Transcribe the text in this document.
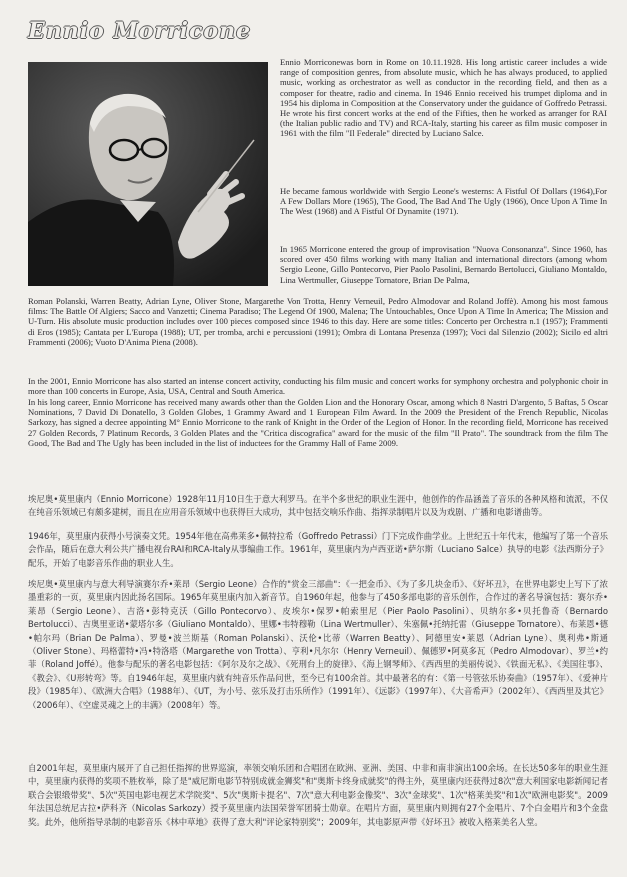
Ennio Morricone

Ennio Morriconewas born in Rome on 10.11.1928. His long artistic career includes a wide range of composition genres, from absolute music, which he has always produced, to applied music, working as orchestrator as well as conductor in the recording field, and then as a composer for theatre, radio and cinema. In 1946 Ennio received his trumpet diploma and in 1954 his diploma in Composition at the Conservatory under the guidance of Goffredo Petrassi. He wrote his first concert works at the end of the Fifties, then he worked as arranger for RAI (the Italian public radio and TV) and RCA-Italy, starting his career as film music composer in 1961 with the film "Il Federale" directed by Luciano Salce.

He became famous worldwide with Sergio Leone's westerns: A Fistful Of Dollars (1964),For A Few Dollars More (1965), The Good, The Bad And The Ugly (1966), Once Upon A Time In The West (1968) and A Fistful Of Dynamite (1971).

In 1965 Morricone entered the group of improvisation "Nuova Consonanza". Since 1960, has scored over 450 films working with many Italian and international directors (among whom Sergio Leone, Gillo Pontecorvo, Pier Paolo Pasolini, Bernardo Bertolucci, Giuliano Montaldo, Lina Wertmuller, Giuseppe Tornatore, Brian De Palma,

Roman Polanski, Warren Beatty, Adrian Lyne, Oliver Stone, Margarethe Von Trotta, Henry Verneuil, Pedro Almodovar and Roland Joffè). Among his most famous films: The Battle Of Algiers; Sacco and Vanzetti; Cinema Paradiso; The Legend Of 1900, Malena; The Untouchables, Once Upon A Time In America; The Mission and U-Turn. His absolute music production includes over 100 pieces composed since 1946 to this day. Here are some titles: Concerto per Orchestra n.1 (1957); Frammenti di Eros (1985); Cantata per L'Europa (1988); UT, per tromba, archi e percussioni (1991); Ombra di Lontana Presenza (1997); Voci dal Silenzio (2002); Sicilo ed altri Frammenti (2006); Vuoto D'Anima Piena (2008).

In the 2001, Ennio Morricone has also started an intense concert activity, conducting his film music and concert works for symphony orchestra and polyphonic choir in more than 100 concerts in Europe, Asia, USA, Central and South America.

In his long career, Ennio Morricone has received many awards other than the Golden Lion and the Honorary Oscar, among which 8 Nastri D'argento, 5 Baftas, 5 Oscar Nominations, 7 David Di Donatello, 3 Golden Globes, 1 Grammy Award and 1 European Film Award. In the 2009 the President of the French Republic, Nicolas Sarkozy, has signed a decree appointing M° Ennio Morricone to the rank of Knight in the Order of the Legion of Honor. In the recording field, Morricone has received 27 Golden Records, 7 Platinum Records, 3 Golden Plates and the "Critica discografica" award for the music of the film "Il Prato". The soundtrack from the film The Good, The Bad and The Ugly has been included in the list of inductees for the Grammy Hall of Fame 2009.

埃尼奥•莫里康内（Ennio Morricone）1928年11月10日生于意大利罗马。在半个多世纪的职业生涯中，他创作的作品涵盖了音乐的各种风格和流派，不仅在纯音乐领域已有颇多建树，而且在应用音乐领域中也获得巨大成功，其中包括交响乐作曲、指挥录制唱片以及为戏剧、广播和电影谱曲等。

1946年，莫里康内获得小号演奏文凭。1954年他在高弗莱多•佩特拉希（Goffredo Petrassi）门下完成作曲学业。上世纪五十年代末，他编写了第一个音乐会作品，随后在意大利公共广播电视台RAI和RCA-Italy从事编曲工作。1961年，莫里康内为卢西亚诺•萨尔斯（Luciano Salce）执导的电影《法西斯分子》配乐，开始了电影音乐作曲的职业人生。

埃尼奥•莫里康内与意大利导演赛尔乔•莱昂（Sergio Leone）合作的"赏金三部曲"：《一把金币》、《为了多几块金币》、《好坏丑》，在世界电影史上写下了浓墨重彩的一页，莫里康内因此扬名国际。1965年莫里康内加入新音节。自1960年起，他参与了450多部电影的音乐创作，合作过的著名导演包括：赛尔乔•莱昂（Sergio Leone）、吉洛•彭特克沃（Gillo Pontecorvo）、皮埃尔•保罗•帕索里尼（Pier Paolo Pasolini）、贝纳尔多•贝托鲁奇（Bernardo Bertolucci）、吉奥里亚诺•蒙塔尔多（Giuliano Montaldo）、里娜•韦特穆勒（Lina Wertmuller）、朱塞佩•托纳托雷（Giuseppe Tornatore）、布莱恩•德•帕尔玛（Brian De Palma）、罗曼•波兰斯基（Roman Polanski）、沃伦•比蒂（Warren Beatty）、阿德里安•莱恩（Adrian Lyne）、奥利弗•斯通（Oliver Stone）、玛格蕾特•冯•特洛塔（Margarethe von Trotta）、亨利•凡尔尔（Henry Verneuil）、佩德罗•阿莫多瓦（Pedro Almodovar）、罗兰•约菲（Roland Joffé）。他参与配乐的著名电影包括：《阿尔及尔之战》、《死刑台上的旋律》、《海上钢琴师》、《西西里的美丽传说》、《铁面无私》、《美国往事》、《教会》、《U形转弯》等。自1946年起，莫里康内就有纯音乐作品问世，至今已有100余首。其中最著名的有：《第一号管弦乐协奏曲》（1957年）、《爱神片段》（1985年）、《欧洲大合唱》（1988年）、《UT，为小号、弦乐及打击乐所作》（1991年）、《远影》（1997年）、《大音希声》（2002年）、《西西里及其它》（2006年）、《空虚灵魂之上的丰满》（2008年）等。

自2001年起，莫里康内展开了自己担任指挥的世界巡演，率领交响乐团和合唱团在欧洲、亚洲、美国、中非和南非演出100余场。在长达50多年的职业生涯中，莫里康内获得的奖项不胜枚举，除了是"威尼斯电影节特别成就金狮奖"和"奥斯卡终身成就奖"的得主外，莫里康内还获得过8次"意大利国家电影新闻记者联合会银缎带奖"、5次"英国电影电视艺术学院奖"、5次"奥斯卡提名"、7次"意大利电影金像奖"、3次"金球奖"、1次"格莱美奖"和1次"欧洲电影奖"。2009年法国总统尼古拉•萨科齐（Nicolas Sarkozy）授予莫里康内法国荣誉军团骑士勋章。在唱片方面，莫里康内则拥有27个金唱片、7个白金唱片和3个金盘奖。此外，他所指导录制的电影音乐《林中草地》获得了意大利"评论家特别奖"；2009年，其电影原声带《好坏丑》被收入格莱美名人堂。
